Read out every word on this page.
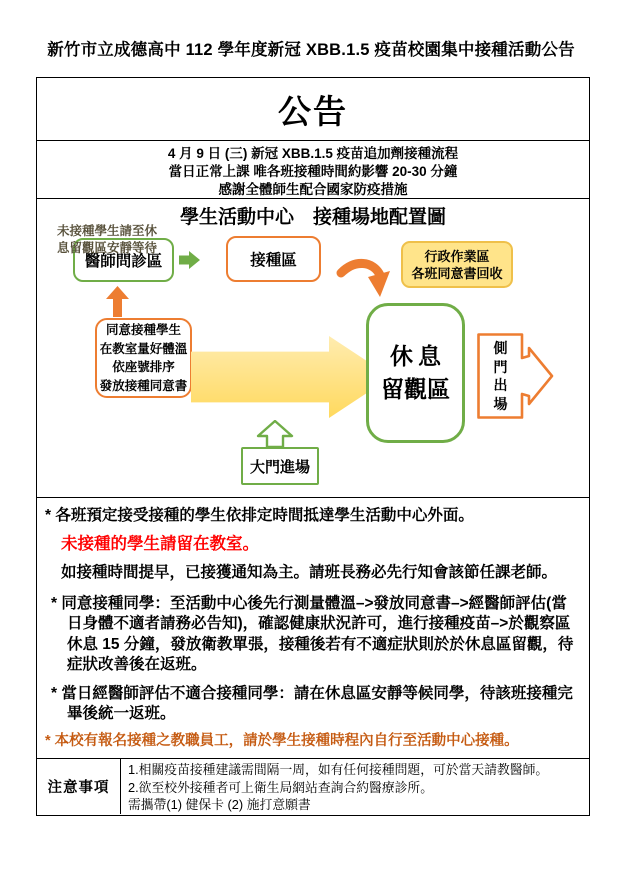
新竹市立成德高中 112 學年度新冠 XBB.1.5 疫苗校園集中接種活動公告
公告
4 月 9 日 (三) 新冠 XBB.1.5 疫苗追加劑接種流程
當日正常上課 唯各班接種時間約影響 20-30 分鐘
感謝全體師生配合國家防疫措施
學生活動中心　接種場地配置圖
醫師問診區	接種區	行政作業區
各班同意書回收
同意接種學生
在教室量好體溫
依座號排序
發放接種同意書
未接種學生請至休
息留觀區安靜等待
休息
留觀區
側門出場
大門進場

* 各班預定接受接種的學生依排定時間抵達學生活動中心外面。

未接種的學生請留在教室。

如接種時間提早，已接獲通知為主。請班長務必先行知會該節任課老師。

* 同意接種同學：至活動中心後先行測量體溫–>發放同意書–>經醫師評估(當日身體不適者請務必告知)，確認健康狀況許可，進行接種疫苗–>於觀察區休息 15 分鐘，發放衛教單張，接種後若有不適症狀則於於休息區留觀，待症狀改善後在返班。

* 當日經醫師評估不適合接種同學：請在休息區安靜等候同學，待該班接種完畢後統一返班。

* 本校有報名接種之教職員工，請於學生接種時程內自行至活動中心接種。

注意事項
1.相關疫苗接種建議需間隔一周，如有任何接種問題，可於當天請教醫師。
2.欲至校外接種者可上衛生局網站查詢合約醫療診所。
需攜帶(1) 健保卡 (2) 施打意願書
